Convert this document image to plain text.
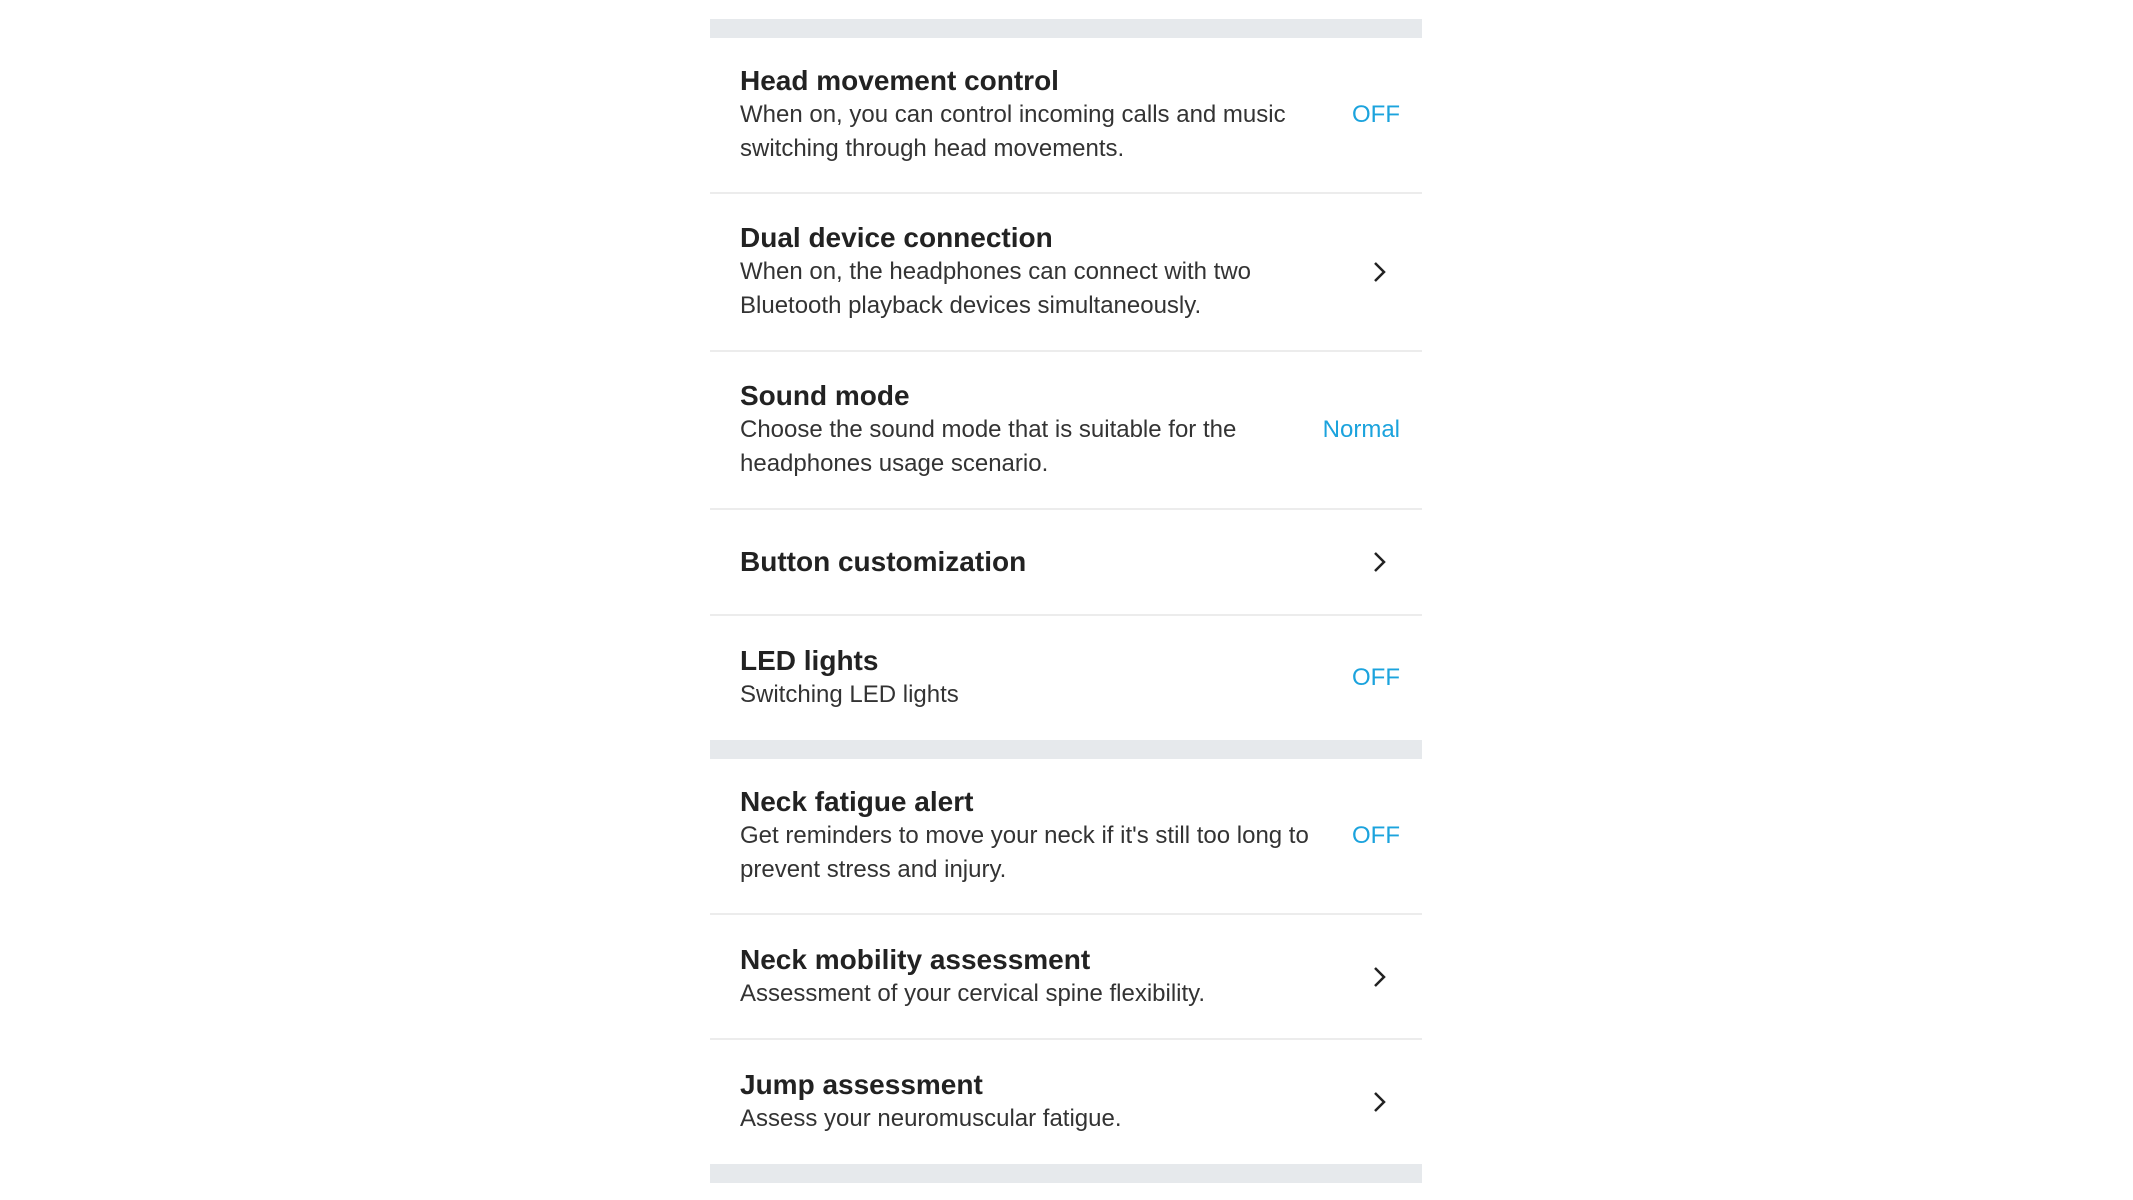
Head movement control
When on, you can control incoming calls and music switching through head movements.
OFF
Dual device connection
When on, the headphones can connect with two Bluetooth playback devices simultaneously.
Sound mode
Choose the sound mode that is suitable for the headphones usage scenario.
Normal
Button customization
LED lights
Switching LED lights
OFF
Neck fatigue alert
Get reminders to move your neck if it's still too long to prevent stress and injury.
OFF
Neck mobility assessment
Assessment of your cervical spine flexibility.
Jump assessment
Assess your neuromuscular fatigue.
